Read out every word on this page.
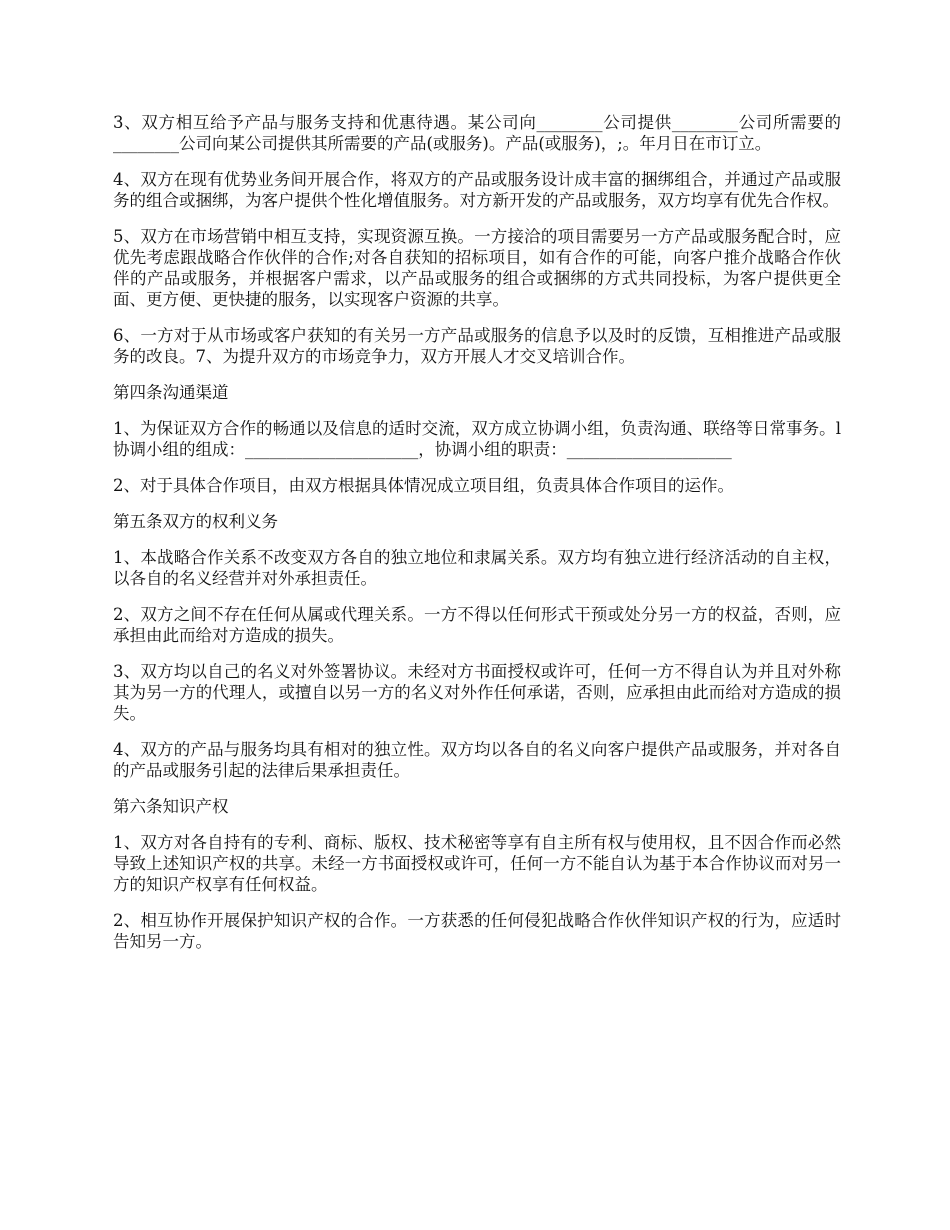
3、双方相互给予产品与服务支持和优惠待遇。某公司向________公司提供________公司所需要的________公司向某公司提供其所需要的产品(或服务)。产品(或服务)，;。年月日在市订立。

4、双方在现有优势业务间开展合作，将双方的产品或服务设计成丰富的捆绑组合，并通过产品或服务的组合或捆绑，为客户提供个性化增值服务。对方新开发的产品或服务，双方均享有优先合作权。

5、双方在市场营销中相互支持，实现资源互换。一方接洽的项目需要另一方产品或服务配合时，应优先考虑跟战略合作伙伴的合作;对各自获知的招标项目，如有合作的可能，向客户推介战略合作伙伴的产品或服务，并根据客户需求，以产品或服务的组合或捆绑的方式共同投标，为客户提供更全面、更方便、更快捷的服务，以实现客户资源的共享。

6、一方对于从市场或客户获知的有关另一方产品或服务的信息予以及时的反馈，互相推进产品或服务的改良。7、为提升双方的市场竞争力，双方开展人才交叉培训合作。

第四条沟通渠道

1、为保证双方合作的畅通以及信息的适时交流，双方成立协调小组，负责沟通、联络等日常事务。l协调小组的组成：_____________________，协调小组的职责：____________________

2、对于具体合作项目，由双方根据具体情况成立项目组，负责具体合作项目的运作。

第五条双方的权利义务

1、本战略合作关系不改变双方各自的独立地位和隶属关系。双方均有独立进行经济活动的自主权，以各自的名义经营并对外承担责任。

2、双方之间不存在任何从属或代理关系。一方不得以任何形式干预或处分另一方的权益，否则，应承担由此而给对方造成的损失。

3、双方均以自己的名义对外签署协议。未经对方书面授权或许可，任何一方不得自认为并且对外称其为另一方的代理人，或擅自以另一方的名义对外作任何承诺，否则，应承担由此而给对方造成的损失。

4、双方的产品与服务均具有相对的独立性。双方均以各自的名义向客户提供产品或服务，并对各自的产品或服务引起的法律后果承担责任。

第六条知识产权

1、双方对各自持有的专利、商标、版权、技术秘密等享有自主所有权与使用权，且不因合作而必然导致上述知识产权的共享。未经一方书面授权或许可，任何一方不能自认为基于本合作协议而对另一方的知识产权享有任何权益。

2、相互协作开展保护知识产权的合作。一方获悉的任何侵犯战略合作伙伴知识产权的行为，应适时告知另一方。
